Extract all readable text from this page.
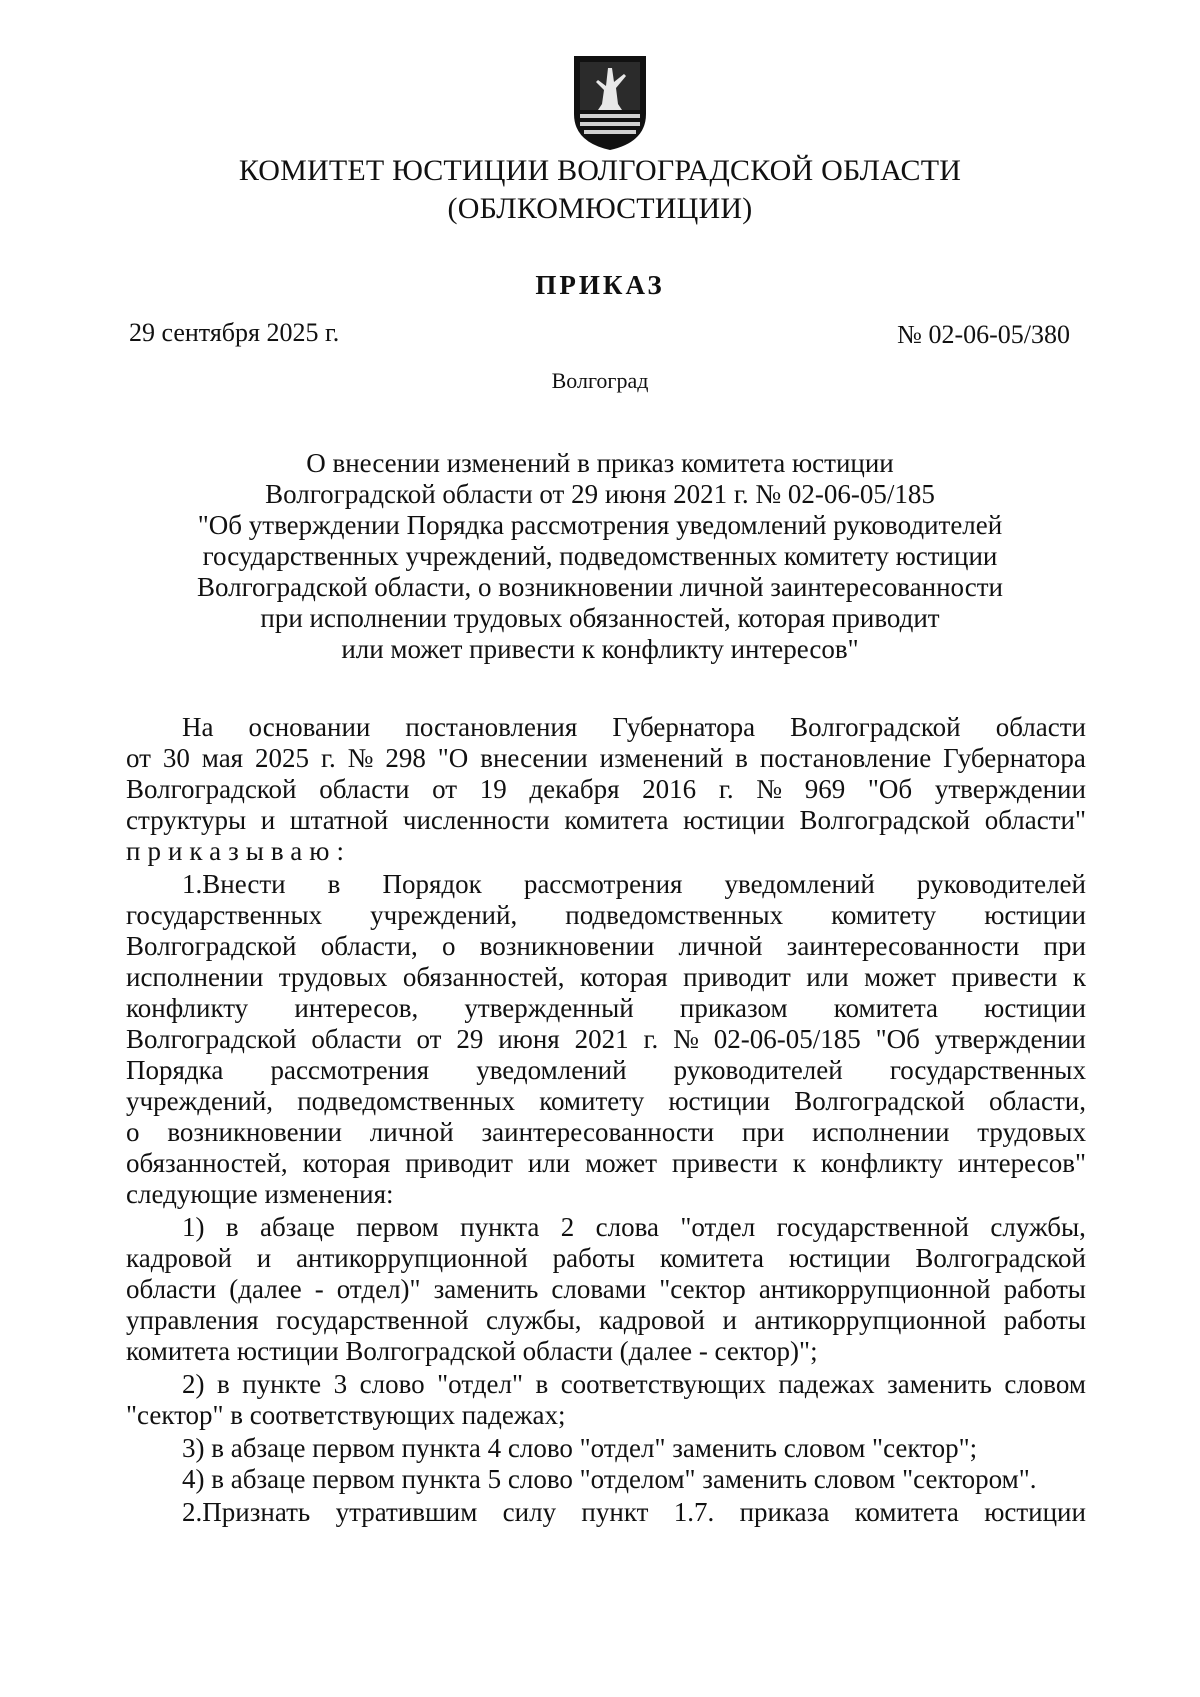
КОМИТЕТ ЮСТИЦИИ ВОЛГОГРАДСКОЙ ОБЛАСТИ
(ОБЛКОМЮСТИЦИИ)
ПРИКАЗ
29 сентября 2025 г.	№ 02-06-05/380
Волгоград
О внесении изменений в приказ комитета юстиции
Волгоградской области от 29 июня 2021 г. № 02-06-05/185
"Об утверждении Порядка рассмотрения уведомлений руководителей
государственных учреждений, подведомственных комитету юстиции
Волгоградской области, о возникновении личной заинтересованности
при исполнении трудовых обязанностей, которая приводит
или может привести к конфликту интересов"
На основании постановления Губернатора Волгоградской области
от 30 мая 2025 г. № 298 "О внесении изменений в постановление Губернатора
Волгоградской области от 19 декабря 2016 г. № 969 "Об утверждении
структуры и штатной численности комитета юстиции Волгоградской области"
приказываю:
1.Внести в Порядок рассмотрения уведомлений руководителей
государственных учреждений, подведомственных комитету юстиции
Волгоградской области, о возникновении личной заинтересованности при
исполнении трудовых обязанностей, которая приводит или может привести к
конфликту интересов, утвержденный приказом комитета юстиции
Волгоградской области от 29 июня 2021 г. № 02-06-05/185 "Об утверждении
Порядка рассмотрения уведомлений руководителей государственных
учреждений, подведомственных комитету юстиции Волгоградской области,
о возникновении личной заинтересованности при исполнении трудовых
обязанностей, которая приводит или может привести к конфликту интересов"
следующие изменения:
1) в абзаце первом пункта 2 слова "отдел государственной службы,
кадровой и антикоррупционной работы комитета юстиции Волгоградской
области (далее - отдел)" заменить словами "сектор антикоррупционной работы
управления государственной службы, кадровой и антикоррупционной работы
комитета юстиции Волгоградской области (далее - сектор)";
2) в пункте 3 слово "отдел" в соответствующих падежах заменить словом
"сектор" в соответствующих падежах;
3) в абзаце первом пункта 4 слово "отдел" заменить словом "сектор";
4) в абзаце первом пункта 5 слово "отделом" заменить словом "сектором".
2.Признать утратившим силу пункт 1.7. приказа комитета юстиции
